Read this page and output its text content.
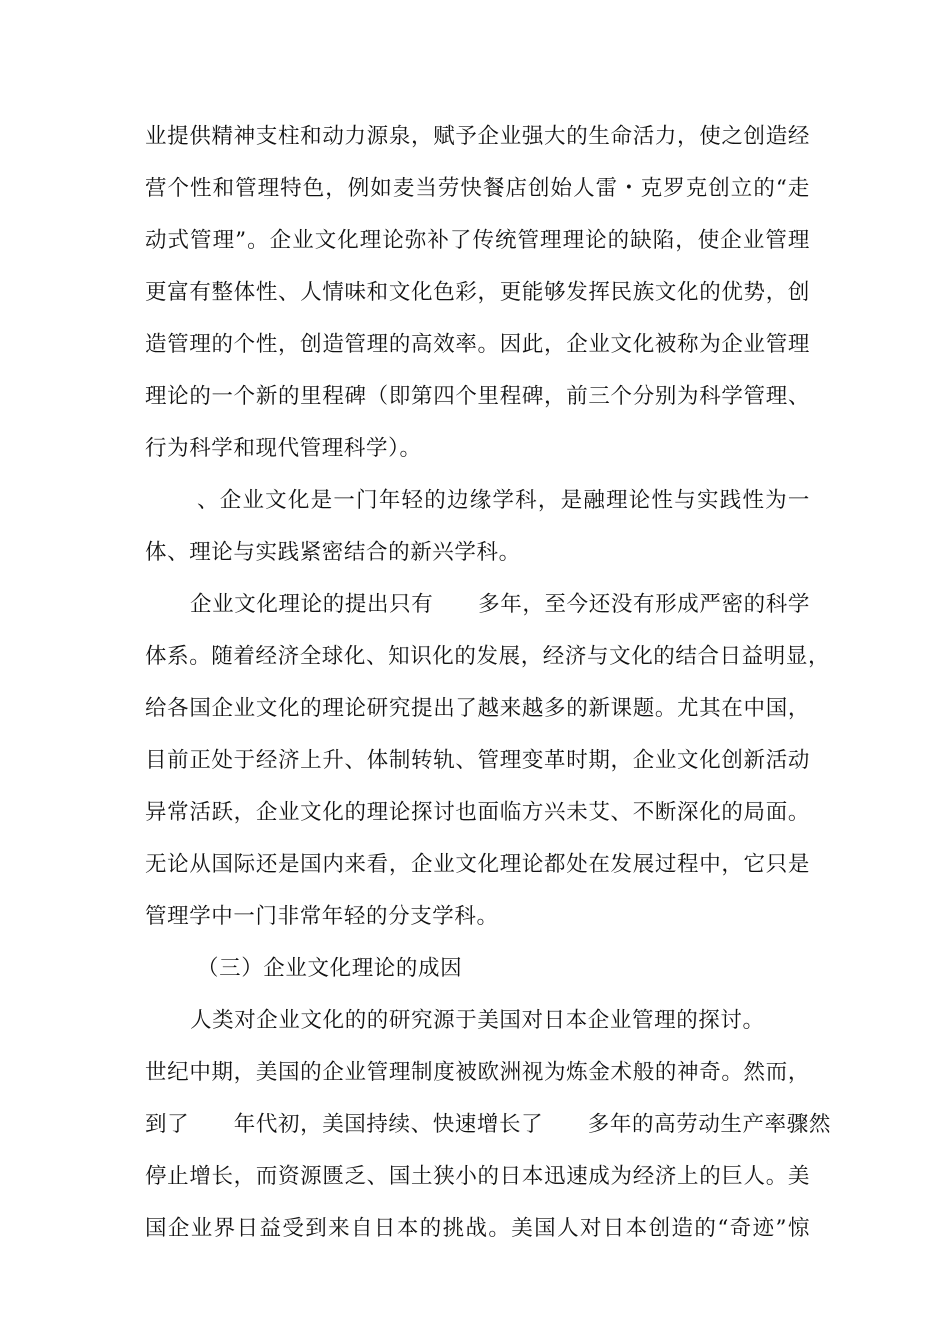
业提供精神支柱和动力源泉，赋予企业强大的生命活力，使之创造经
营个性和管理特色，例如麦当劳快餐店创始人雷・克罗克创立的“走
动式管理”。企业文化理论弥补了传统管理理论的缺陷，使企业管理
更富有整体性、人情味和文化色彩，更能够发挥民族文化的优势，创
造管理的个性，创造管理的高效率。因此，企业文化被称为企业管理
理论的一个新的里程碑（即第四个里程碑，前三个分别为科学管理、
行为科学和现代管理科学）。
、企业文化是一门年轻的边缘学科，是融理论性与实践性为一
体、理论与实践紧密结合的新兴学科。
企业文化理论的提出只有      多年，至今还没有形成严密的科学
体系。随着经济全球化、知识化的发展，经济与文化的结合日益明显，
给各国企业文化的理论研究提出了越来越多的新课题。尤其在中国，
目前正处于经济上升、体制转轨、管理变革时期，企业文化创新活动
异常活跃，企业文化的理论探讨也面临方兴未艾、不断深化的局面。
无论从国际还是国内来看，企业文化理论都处在发展过程中，它只是
管理学中一门非常年轻的分支学科。
（三）企业文化理论的成因
人类对企业文化的的研究源于美国对日本企业管理的探讨。
世纪中期，美国的企业管理制度被欧洲视为炼金术般的神奇。然而，
到了      年代初，美国持续、快速增长了      多年的高劳动生产率骤然
停止增长，而资源匮乏、国土狭小的日本迅速成为经济上的巨人。美
国企业界日益受到来自日本的挑战。美国人对日本创造的“奇迹”惊
